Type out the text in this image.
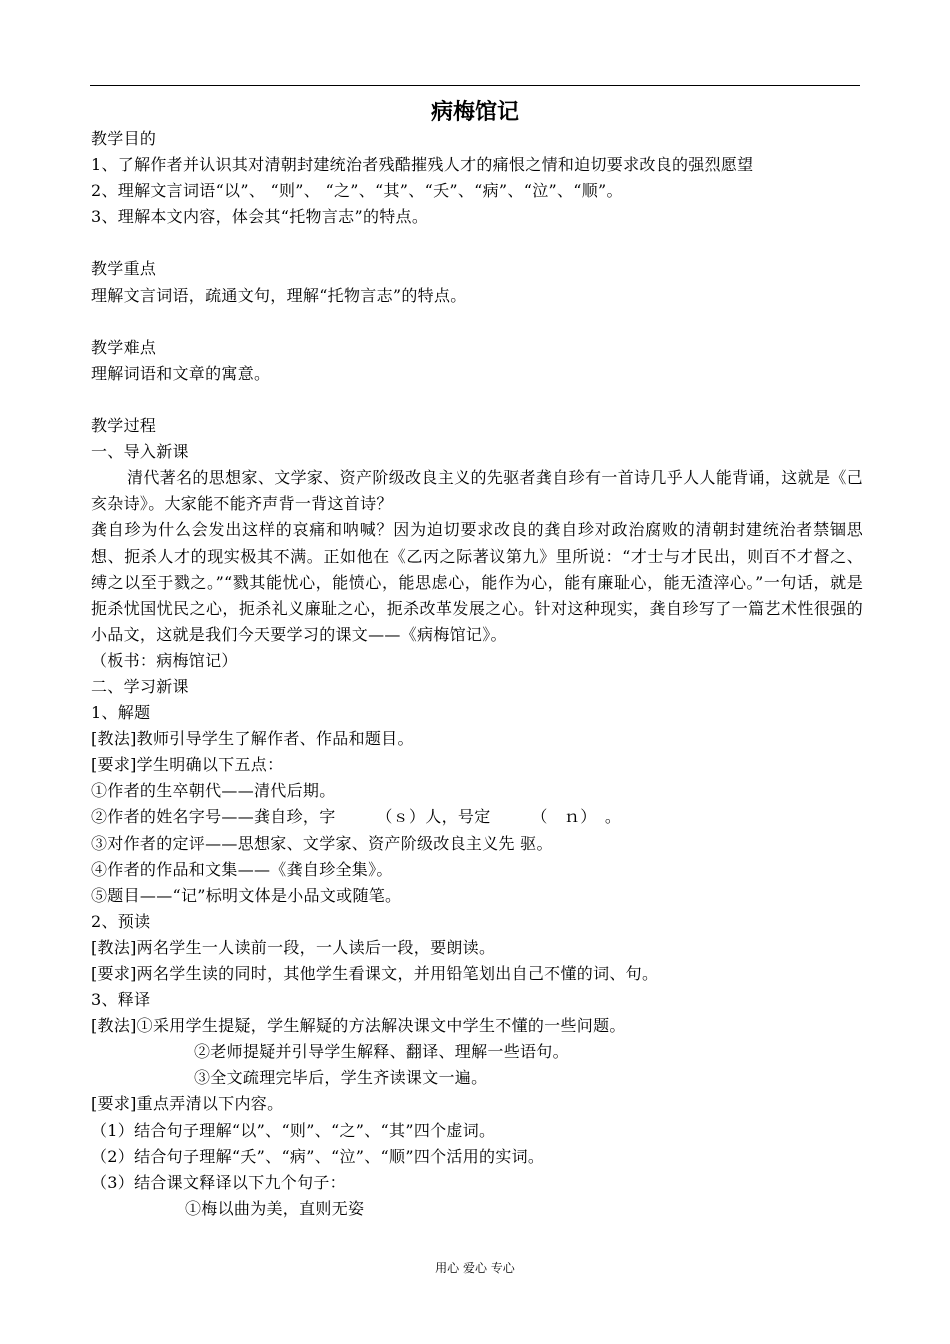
病梅馆记
教学目的
1、了解作者并认识其对清朝封建统治者残酷摧残人才的痛恨之情和迫切要求改良的强烈愿望
2、理解文言词语“以”、 “则”、 “之”、“其”、“夭”、“病”、“泣”、“顺”。
3、理解本文内容，体会其“托物言志”的特点。
教学重点
理解文言词语，疏通文句，理解“托物言志”的特点。
教学难点
理解词语和文章的寓意。
教学过程
一、导入新课
清代著名的思想家、文学家、资产阶级改良主义的先驱者龚自珍有一首诗几乎人人能背诵，这就是《己亥杂诗》。大家能不能齐声背一背这首诗？
龚自珍为什么会发出这样的哀痛和呐喊？因为迫切要求改良的龚自珍对政治腐败的清朝封建统治者禁锢思想、扼杀人才的现实极其不满。正如他在《乙丙之际著议第九》里所说：“才士与才民出，则百不才督之、缚之以至于戮之。”“戮其能忧心，能愤心，能思虑心，能作为心，能有廉耻心，能无渣滓心。”一句话，就是扼杀忧国忧民之心，扼杀礼义廉耻之心，扼杀改革发展之心。针对这种现实，龚自珍写了一篇艺术性很强的小品文，这就是我们今天要学习的课文——《病梅馆记》。
（板书：病梅馆记）
二、学习新课
1、解题
[教法]教师引导学生了解作者、作品和题目。
[要求]学生明确以下五点：
①作者的生卒朝代——清代后期。
②作者的姓名字号——龚自珍，字　　　（ｓ）人，号定　　　（　ｎ）　。
③对作者的定评——思想家、文学家、资产阶级改良主义先 驱。
④作者的作品和文集——《龚自珍全集》。
⑤题目——“记”标明文体是小品文或随笔。
2、预读
[教法]两名学生一人读前一段，一人读后一段，要朗读。
[要求]两名学生读的同时，其他学生看课文，并用铅笔划出自己不懂的词、句。
3、释译
[教法]①采用学生提疑，学生解疑的方法解决课文中学生不懂的一些问题。
②老师提疑并引导学生解释、翻译、理解一些语句。
③全文疏理完毕后，学生齐读课文一遍。
[要求]重点弄清以下内容。
（1）结合句子理解“以”、“则”、“之”、“其”四个虚词。
（2）结合句子理解“夭”、“病”、“泣”、“顺”四个活用的实词。
（3）结合课文释译以下九个句子：
①梅以曲为美，直则无姿
用心 爱心 专心
